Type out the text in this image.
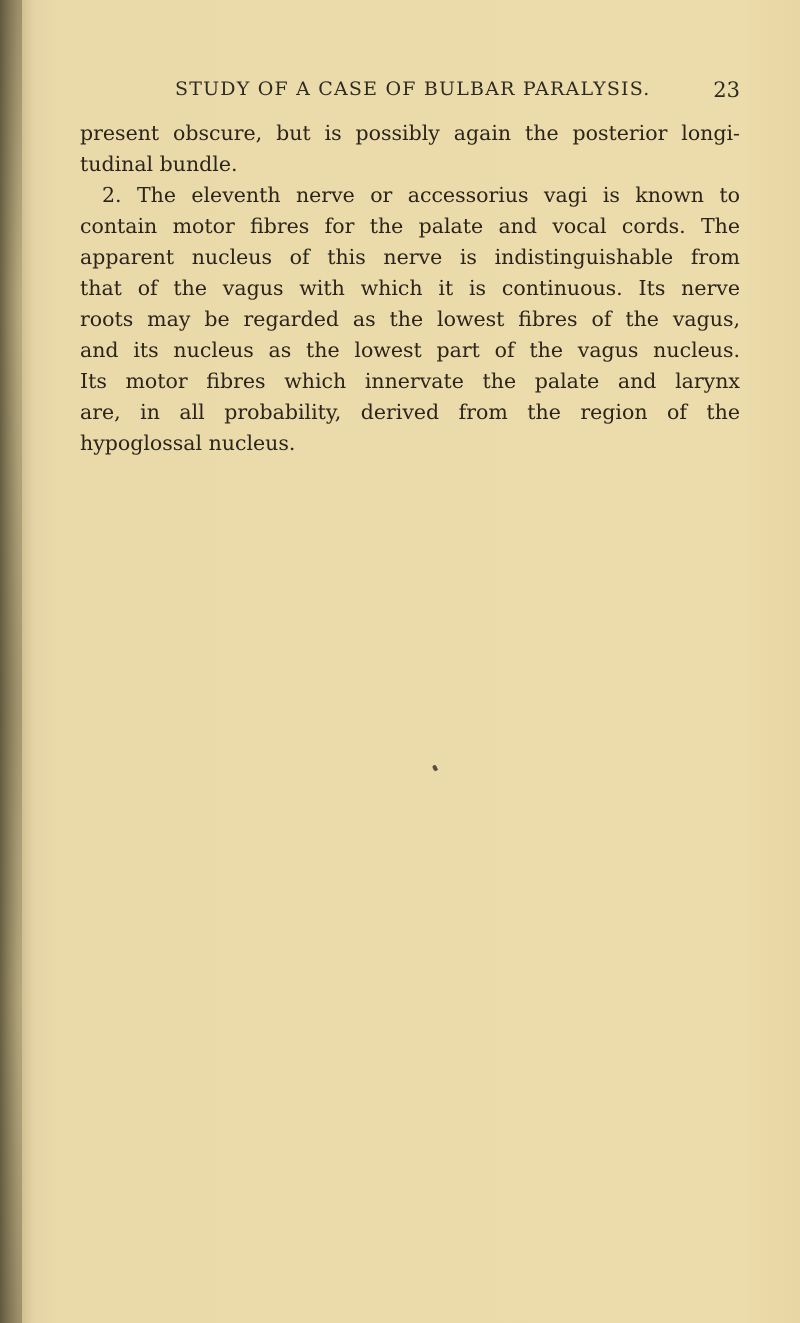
STUDY OF A CASE OF BULBAR PARALYSIS.	23
present obscure, but is possibly again the posterior longi-
tudinal bundle.
2. The eleventh nerve or accessorius vagi is known to
contain motor fibres for the palate and vocal cords. The
apparent nucleus of this nerve is indistinguishable from
that of the vagus with which it is continuous. Its nerve
roots may be regarded as the lowest fibres of the vagus,
and its nucleus as the lowest part of the vagus nucleus.
Its motor fibres which innervate the palate and larynx
are, in all probability, derived from the region of the
hypoglossal nucleus.
